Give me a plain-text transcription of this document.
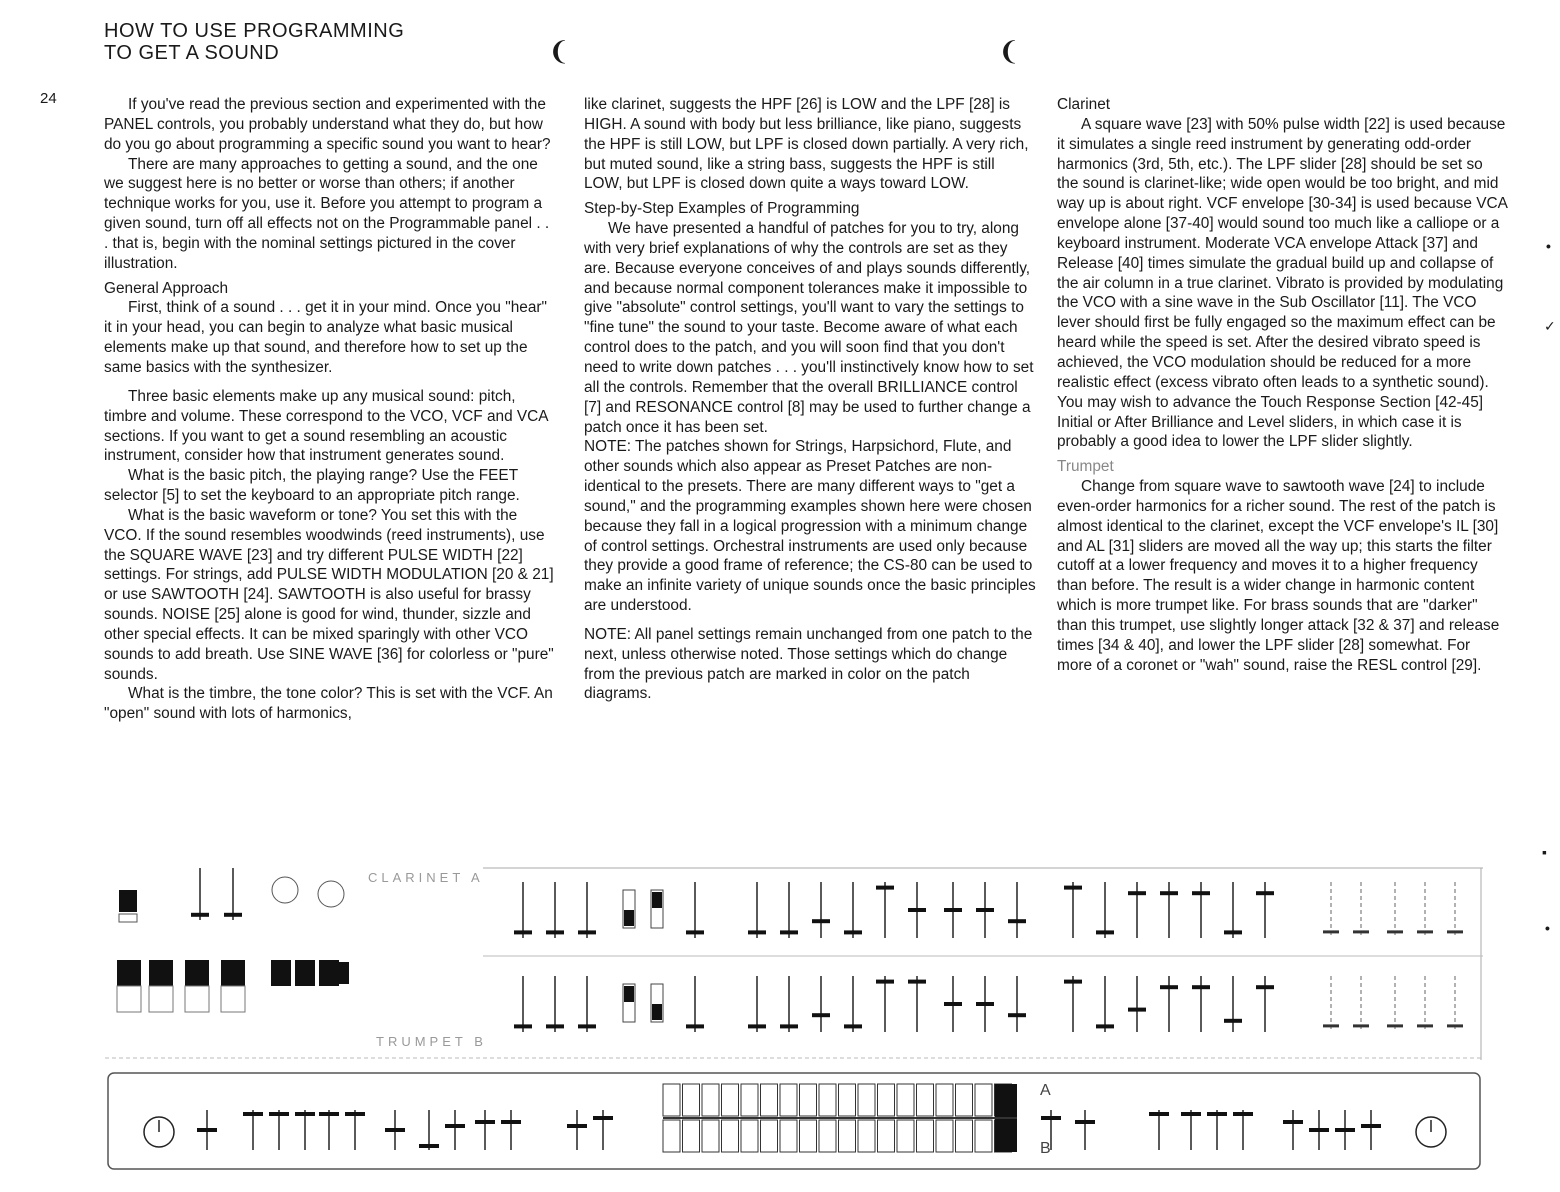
HOW TO USE PROGRAMMING
TO GET A SOUND
24
❨	❨
•
✓
▪
•

If you've read the previous section and experimented with the PANEL controls, you probably understand what they do, but how do you go about programming a specific sound you want to hear?

There are many approaches to getting a sound, and the one we suggest here is no better or worse than others; if another technique works for you, use it. Before you attempt to program a given sound, turn off all effects not on the Programmable panel . . . that is, begin with the nominal settings pictured in the cover illustration.

General Approach

First, think of a sound . . . get it in your mind. Once you "hear" it in your head, you can begin to analyze what basic musical elements make up that sound, and therefore how to set up the same basics with the synthesizer.

Three basic elements make up any musical sound: pitch, timbre and volume. These correspond to the VCO, VCF and VCA sections. If you want to get a sound resembling an acoustic instrument, consider how that instrument generates sound.

What is the basic pitch, the playing range? Use the FEET selector [5] to set the keyboard to an appropriate pitch range.

What is the basic waveform or tone? You set this with the VCO. If the sound resembles woodwinds (reed instruments), use the SQUARE WAVE [23] and try different PULSE WIDTH [22] settings. For strings, add PULSE WIDTH MODULATION [20 & 21] or use SAWTOOTH [24]. SAWTOOTH is also useful for brassy sounds. NOISE [25] alone is good for wind, thunder, sizzle and other special effects. It can be mixed sparingly with other VCO sounds to add breath. Use SINE WAVE [36] for colorless or "pure" sounds.

What is the timbre, the tone color? This is set with the VCF. An "open" sound with lots of harmonics,

like clarinet, suggests the HPF [26] is LOW and the LPF [28] is HIGH. A sound with body but less brilliance, like piano, suggests the HPF is still LOW, but LPF is closed down partially. A very rich, but muted sound, like a string bass, suggests the HPF is still LOW, but LPF is closed down quite a ways toward LOW.

Step-by-Step Examples of Programming

We have presented a handful of patches for you to try, along with very brief explanations of why the controls are set as they are. Because everyone conceives of and plays sounds differently, and because normal component tolerances make it impossible to give "absolute" control settings, you'll want to vary the settings to "fine tune" the sound to your taste. Become aware of what each control does to the patch, and you will soon find that you don't need to write down patches . . . you'll instinctively know how to set all the controls. Remember that the overall BRILLIANCE control [7] and RESONANCE control [8] may be used to further change a patch once it has been set.

NOTE: The patches shown for Strings, Harpsichord, Flute, and other sounds which also appear as Preset Patches are non-identical to the presets. There are many different ways to "get a sound," and the programming examples shown here were chosen because they fall in a logical progression with a minimum change of control settings. Orchestral instruments are used only because they provide a good frame of reference; the CS-80 can be used to make an infinite variety of unique sounds once the basic principles are understood.

NOTE: All panel settings remain unchanged from one patch to the next, unless otherwise noted. Those settings which do change from the previous patch are marked in color on the patch diagrams.

Clarinet

A square wave [23] with 50% pulse width [22] is used because it simulates a single reed instrument by generating odd-order harmonics (3rd, 5th, etc.). The LPF slider [28] should be set so the sound is clarinet-like; wide open would be too bright, and mid way up is about right. VCF envelope [30-34] is used because VCA envelope alone [37-40] would sound too much like a calliope or a keyboard instrument. Moderate VCA envelope Attack [37] and Release [40] times simulate the gradual build up and collapse of the air column in a true clarinet. Vibrato is provided by modulating the VCO with a sine wave in the Sub Oscillator [11]. The VCO lever should first be fully engaged so the maximum effect can be heard while the speed is set. After the desired vibrato speed is achieved, the VCO modulation should be reduced for a more realistic effect (excess vibrato often leads to a synthetic sound). You may wish to advance the Touch Response Section [42-45] Initial or After Brilliance and Level sliders, in which case it is probably a good idea to lower the LPF slider slightly.

Trumpet

Change from square wave to sawtooth wave [24] to include even-order harmonics for a richer sound. The rest of the patch is almost identical to the clarinet, except the VCF envelope's IL [30] and AL [31] sliders are moved all the way up; this starts the filter cutoff at a lower frequency and moves it to a higher frequency than before. The result is a wider change in harmonic content which is more trumpet like. For brass sounds that are "darker" than this trumpet, use slightly longer attack [32 & 37] and release times [34 & 40], and lower the LPF slider [28] somewhat. For more of a coronet or "wah" sound, raise the RESL control [29].

CLARINET A
TRUMPET B
A
B
